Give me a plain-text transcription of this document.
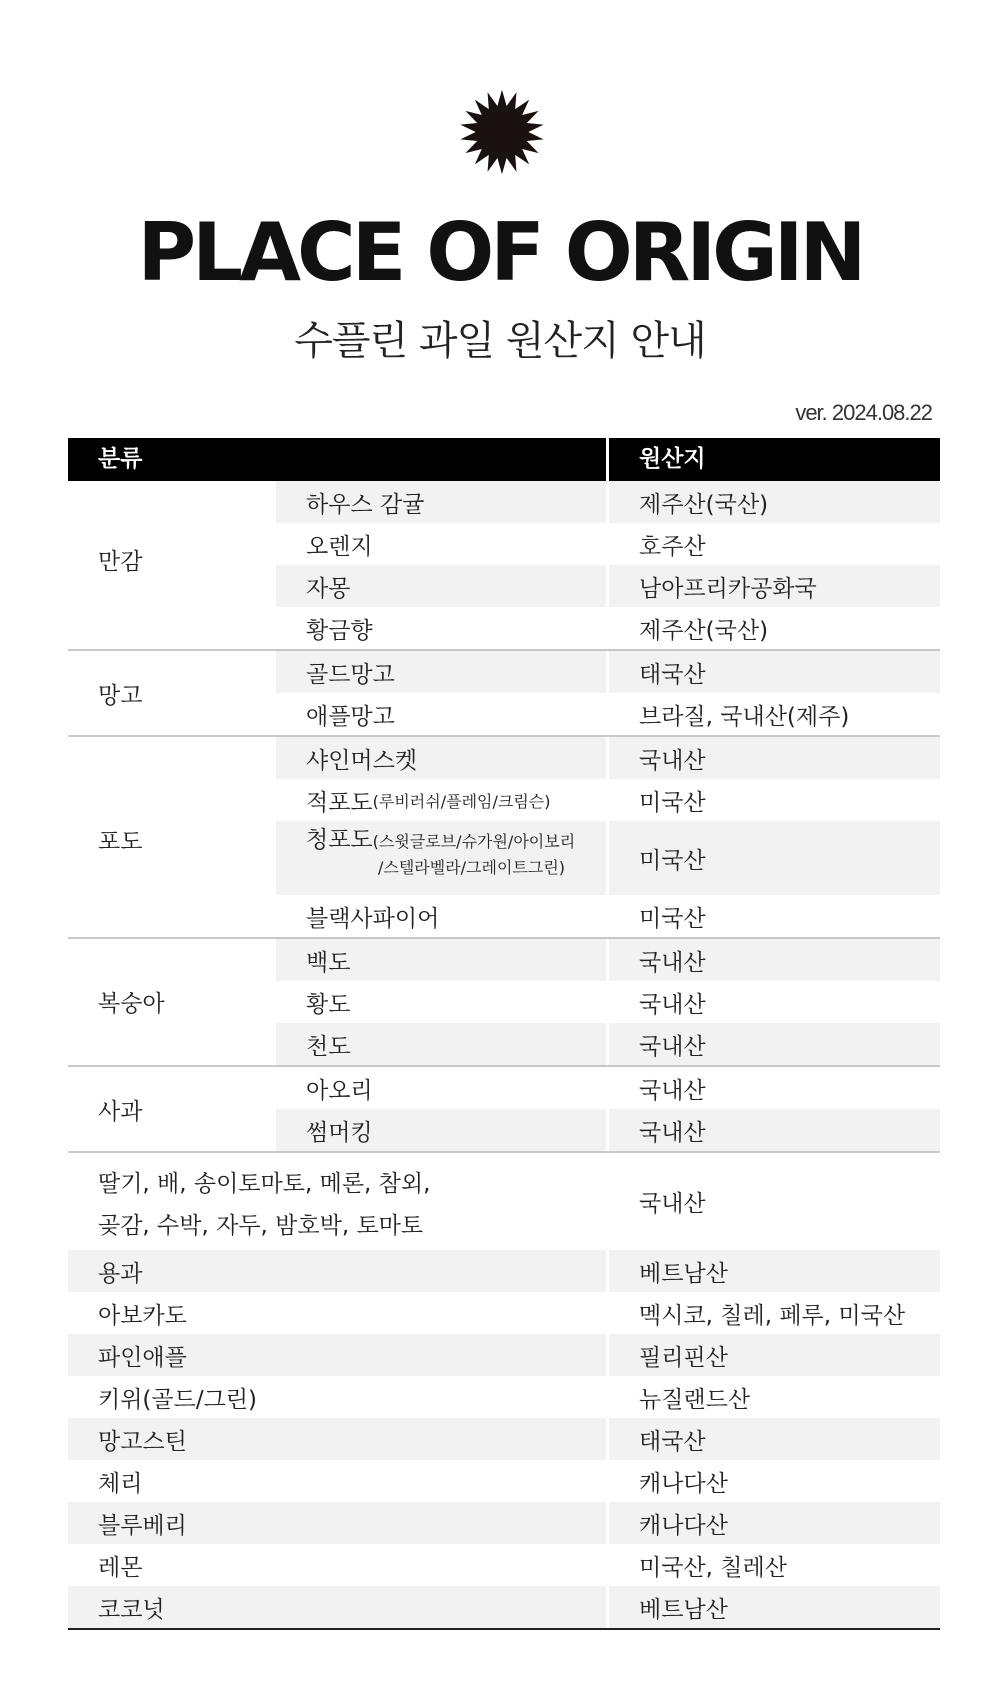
PLACE OF ORIGIN
수플린 과일 원산지 안내
ver. 2024.08.22
분류	원산지
만감
하우스 감귤	제주산(국산)
오렌지	호주산
자몽	남아프리카공화국
황금향	제주산(국산)
망고
골드망고	태국산
애플망고	브라질, 국내산(제주)
포도
샤인머스켓	국내산
적포도 (루비러쉬/플레임/크림슨)	미국산
청포도(스윗글로브/슈가원/아이보리
/스텔라벨라/그레이트그린)	미국산
블랙사파이어	미국산
복숭아
백도	국내산
황도	국내산
천도	국내산
사과
아오리	국내산
썸머킹	국내산
딸기, 배, 송이토마토, 메론, 참외,
곶감, 수박, 자두, 밤호박, 토마토
국내산
용과	베트남산
아보카도	멕시코, 칠레, 페루, 미국산
파인애플	필리핀산
키위(골드/그린)	뉴질랜드산
망고스틴	태국산
체리	캐나다산
블루베리	캐나다산
레몬	미국산, 칠레산
코코넛	베트남산
